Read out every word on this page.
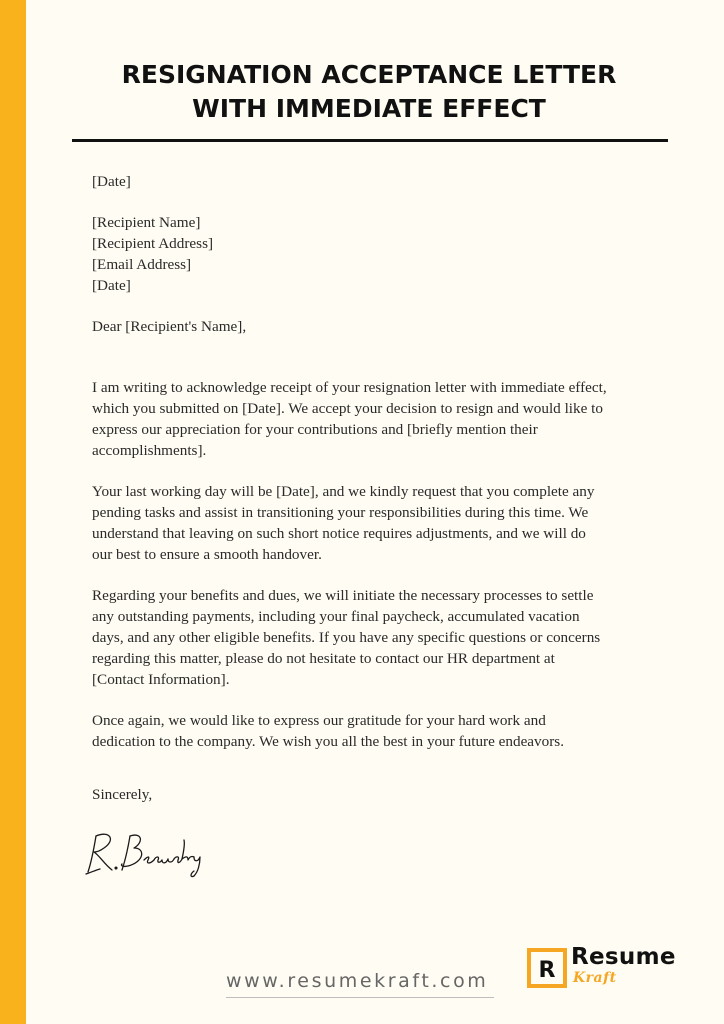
RESIGNATION ACCEPTANCE LETTER
WITH IMMEDIATE EFFECT
[Date]
[Recipient Name]
[Recipient Address]
[Email Address]
[Date]
Dear [Recipient's Name],
I am writing to acknowledge receipt of your resignation letter with immediate effect,
which you submitted on [Date]. We accept your decision to resign and would like to
express our appreciation for your contributions and [briefly mention their
accomplishments].
Your last working day will be [Date], and we kindly request that you complete any
pending tasks and assist in transitioning your responsibilities during this time. We
understand that leaving on such short notice requires adjustments, and we will do
our best to ensure a smooth handover.
Regarding your benefits and dues, we will initiate the necessary processes to settle
any outstanding payments, including your final paycheck, accumulated vacation
days, and any other eligible benefits. If you have any specific questions or concerns
regarding this matter, please do not hesitate to contact our HR department at
[Contact Information].
Once again, we would like to express our gratitude for your hard work and
dedication to the company. We wish you all the best in your future endeavors.
Sincerely,
www.resumekraft.com R
Resume
Kraft
